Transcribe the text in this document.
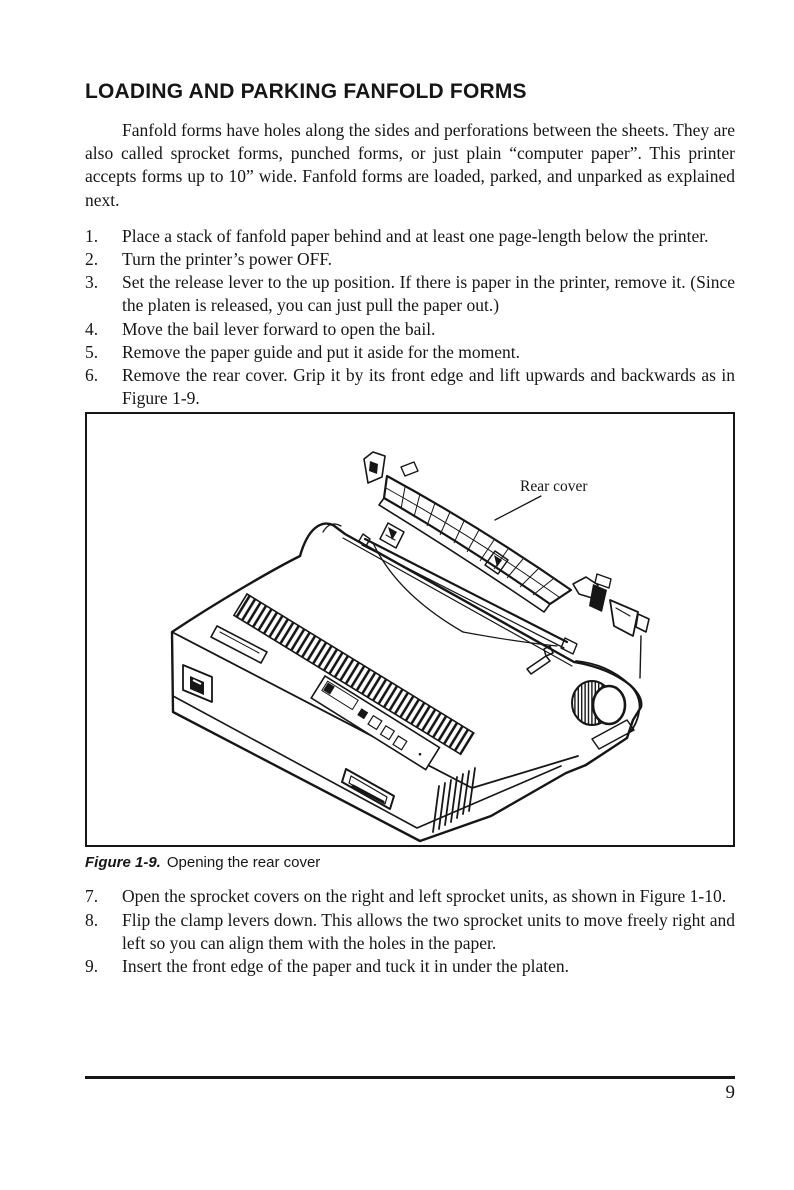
LOADING AND PARKING FANFOLD FORMS

Fanfold forms have holes along the sides and perforations between the sheets. They are also called sprocket forms, punched forms, or just plain “computer paper”. This printer accepts forms up to 10” wide. Fanfold forms are loaded, parked, and unparked as explained next.

1.	Place a stack of fanfold paper behind and at least one page-length below the printer.
2.	Turn the printer’s power OFF.
3.	Set the release lever to the up position. If there is paper in the printer, remove it. (Since the platen is released, you can just pull the paper out.)
4.	Move the bail lever forward to open the bail.
5.	Remove the paper guide and put it aside for the moment.
6.	Remove the rear cover. Grip it by its front edge and lift upwards and backwards as in Figure 1-9.
Rear cover

Figure 1-9. Opening the rear cover

7.	Open the sprocket covers on the right and left sprocket units, as shown in Figure 1-10.
8.	Flip the clamp levers down. This allows the two sprocket units to move freely right and left so you can align them with the holes in the paper.
9.	Insert the front edge of the paper and tuck it in under the platen.
9
